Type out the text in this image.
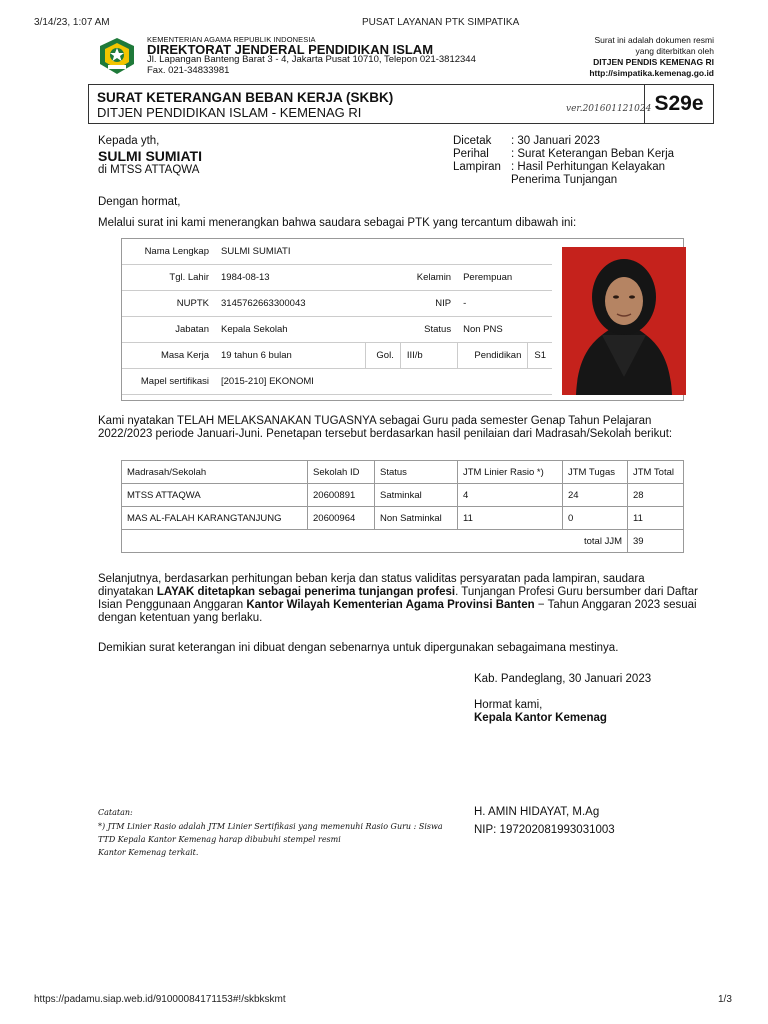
3/14/23, 1:07 AM	PUSAT LAYANAN PTK SIMPATIKA
KEMENTERIAN AGAMA REPUBLIK INDONESIA
DIREKTORAT JENDERAL PENDIDIKAN ISLAM
Jl. Lapangan Banteng Barat 3 - 4, Jakarta Pusat 10710, Telepon 021-3812344
Fax. 021-34833981
Surat ini adalah dokumen resmi
yang diterbitkan oleh
DITJEN PENDIS KEMENAG RI
http://simpatika.kemenag.go.id
SURAT KETERANGAN BEBAN KERJA (SKBK)
DITJEN PENDIDIKAN ISLAM - KEMENAG RI	ver.201601121024 S29e
Kepada yth,
SULMI SUMIATI
di MTSS ATTAQWA
Dicetak : 30 Januari 2023
Perihal : Surat Keterangan Beban Kerja
Lampiran : Hasil Perhitungan Kelayakan
Penerima Tunjangan
Dengan hormat,
Melalui surat ini kami menerangkan bahwa saudara sebagai PTK yang tercantum dibawah ini:
Nama Lengkap	SULMI SUMIATI				
Tgl. Lahir	1984-08-13		Kelamin	Perempuan	
NUPTK	3145762663300043		NIP	-	
Jabatan	Kepala Sekolah		Status	Non PNS	
Masa Kerja	19 tahun 6 bulan	Gol.	III/b	Pendidikan	S1
Mapel sertifikasi	[2015-210] EKONOMI				
Kami nyatakan TELAH MELAKSANAKAN TUGASNYA sebagai Guru pada semester Genap Tahun Pelajaran
2022/2023 periode Januari-Juni. Penetapan tersebut berdasarkan hasil penilaian dari Madrasah/Sekolah berikut:
Madrasah/Sekolah	Sekolah ID	Status	JTM Linier Rasio *)	JTM Tugas	JTM Total
MTSS ATTAQWA	20600891	Satminkal	4	24	28
MAS AL-FALAH KARANGTANJUNG	20600964	Non Satminkal	11	0	11
total JJM					39
Selanjutnya, berdasarkan perhitungan beban kerja dan status validitas persyaratan pada lampiran, saudara
dinyatakan LAYAK ditetapkan sebagai penerima tunjangan profesi. Tunjangan Profesi Guru bersumber dari Daftar
Isian Penggunaan Anggaran Kantor Wilayah Kementerian Agama Provinsi Banten − Tahun Anggaran 2023 sesuai
dengan ketentuan yang berlaku.
Demikian surat keterangan ini dibuat dengan sebenarnya untuk dipergunakan sebagaimana mestinya.
Kab. Pandeglang, 30 Januari 2023
Hormat kami,
Kepala Kantor Kemenag
H. AMIN HIDAYAT, M.Ag
NIP: 197202081993031003
Catatan:
*) JTM Linier Rasio adalah JTM Linier Sertifikasi yang memenuhi Rasio Guru : Siswa
TTD Kepala Kantor Kemenag harap dibubuhi stempel resmi
Kantor Kemenag terkait.
https://padamu.siap.web.id/91000084171153#!/skbkskmt	1/3
